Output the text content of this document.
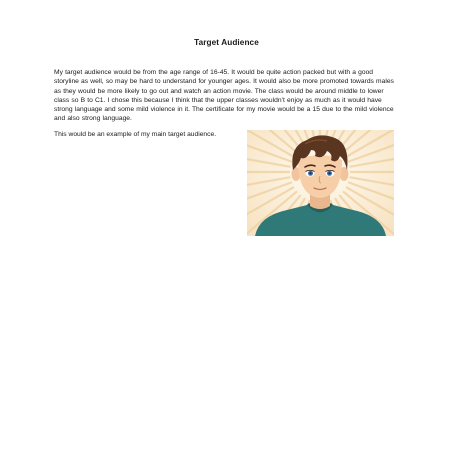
Target Audience

My target audience would be from the age range of 16-45. It would be quite action packed but with a good storyline as well, so may be hard to understand for younger ages. It would also be more promoted towards males as they would be more likely to go out and watch an action movie. The class would be around middle to lower class so B to C1. I chose this because I think that the upper classes wouldn’t enjoy as much as it would have strong language and some mild violence in it. The certificate for my movie would be a 15 due to the mild violence and also strong language.

This would be an example of my main target audience.
